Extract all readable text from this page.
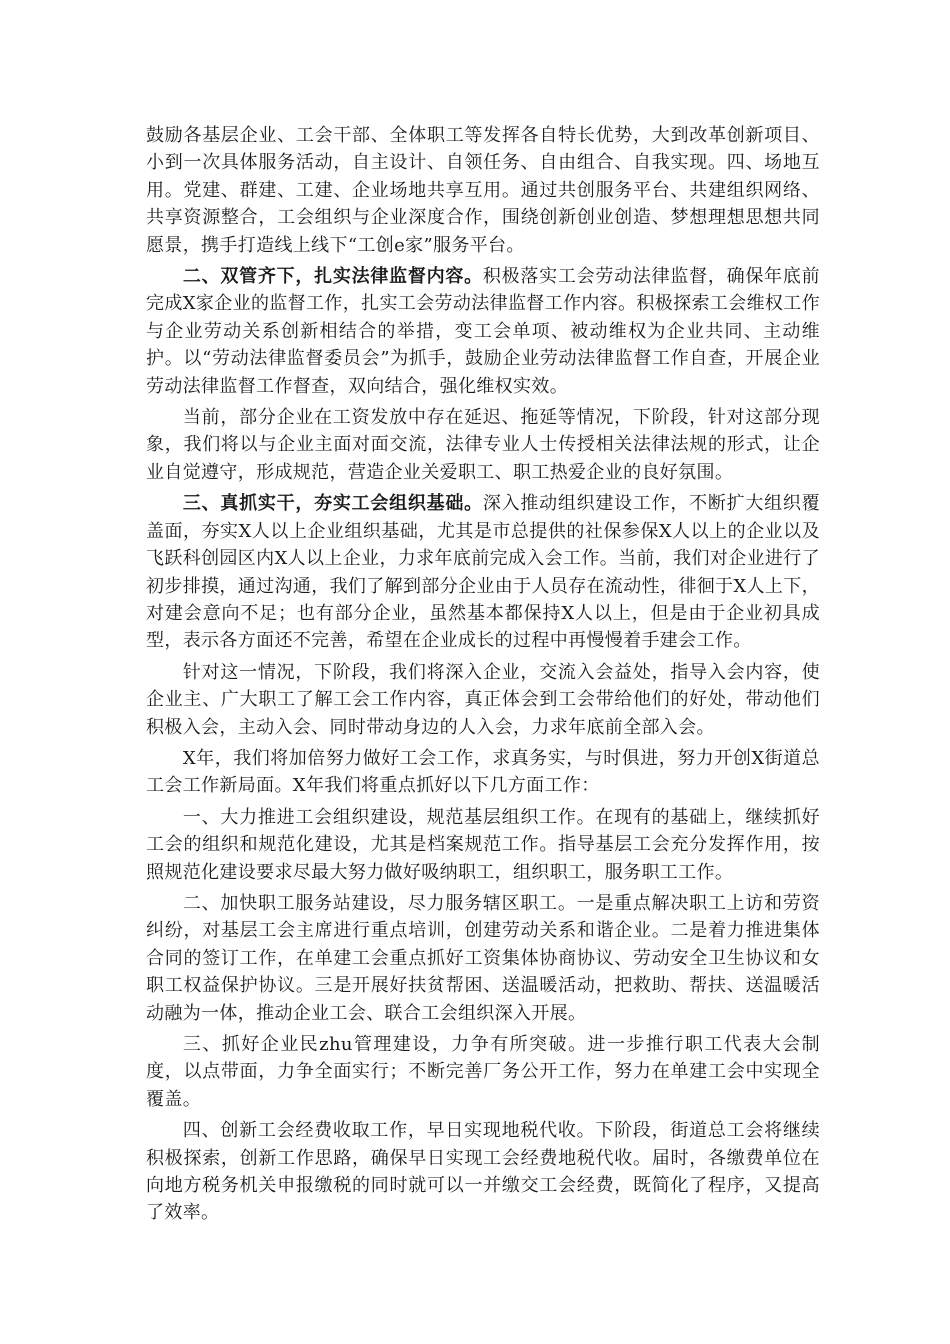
鼓励各基层企业、工会干部、全体职工等发挥各自特长优势，大到改革创新项目、小到一次具体服务活动，自主设计、自领任务、自由组合、自我实现。四、场地互用。党建、群建、工建、企业场地共享互用。通过共创服务平台、共建组织网络、共享资源整合，工会组织与企业深度合作，围绕创新创业创造、梦想理想思想共同愿景，携手打造线上线下“工创e家”服务平台。

二、双管齐下，扎实法律监督内容。积极落实工会劳动法律监督，确保年底前完成X家企业的监督工作，扎实工会劳动法律监督工作内容。积极探索工会维权工作与企业劳动关系创新相结合的举措，变工会单项、被动维权为企业共同、主动维护。以“劳动法律监督委员会”为抓手，鼓励企业劳动法律监督工作自查，开展企业劳动法律监督工作督查，双向结合，强化维权实效。

当前，部分企业在工资发放中存在延迟、拖延等情况，下阶段，针对这部分现象，我们将以与企业主面对面交流，法律专业人士传授相关法律法规的形式，让企业自觉遵守，形成规范，营造企业关爱职工、职工热爱企业的良好氛围。

三、真抓实干，夯实工会组织基础。深入推动组织建设工作，不断扩大组织覆盖面，夯实X人以上企业组织基础，尤其是市总提供的社保参保X人以上的企业以及飞跃科创园区内X人以上企业，力求年底前完成入会工作。当前，我们对企业进行了初步排摸，通过沟通，我们了解到部分企业由于人员存在流动性，徘徊于X人上下，对建会意向不足；也有部分企业，虽然基本都保持X人以上，但是由于企业初具成型，表示各方面还不完善，希望在企业成长的过程中再慢慢着手建会工作。

针对这一情况，下阶段，我们将深入企业，交流入会益处，指导入会内容，使企业主、广大职工了解工会工作内容，真正体会到工会带给他们的好处，带动他们积极入会，主动入会、同时带动身边的人入会，力求年底前全部入会。

X年，我们将加倍努力做好工会工作，求真务实，与时俱进，努力开创X街道总工会工作新局面。X年我们将重点抓好以下几方面工作：

一、大力推进工会组织建设，规范基层组织工作。在现有的基础上，继续抓好工会的组织和规范化建设，尤其是档案规范工作。指导基层工会充分发挥作用，按照规范化建设要求尽最大努力做好吸纳职工，组织职工，服务职工工作。

二、加快职工服务站建设，尽力服务辖区职工。一是重点解决职工上访和劳资纠纷，对基层工会主席进行重点培训，创建劳动关系和谐企业。二是着力推进集体合同的签订工作，在单建工会重点抓好工资集体协商协议、劳动安全卫生协议和女职工权益保护协议。三是开展好扶贫帮困、送温暖活动，把救助、帮扶、送温暖活动融为一体，推动企业工会、联合工会组织深入开展。

三、抓好企业民zhu管理建设，力争有所突破。进一步推行职工代表大会制度，以点带面，力争全面实行；不断完善厂务公开工作，努力在单建工会中实现全覆盖。

四、创新工会经费收取工作，早日实现地税代收。下阶段，街道总工会将继续积极探索，创新工作思路，确保早日实现工会经费地税代收。届时，各缴费单位在向地方税务机关申报缴税的同时就可以一并缴交工会经费，既简化了程序，又提高了效率。
